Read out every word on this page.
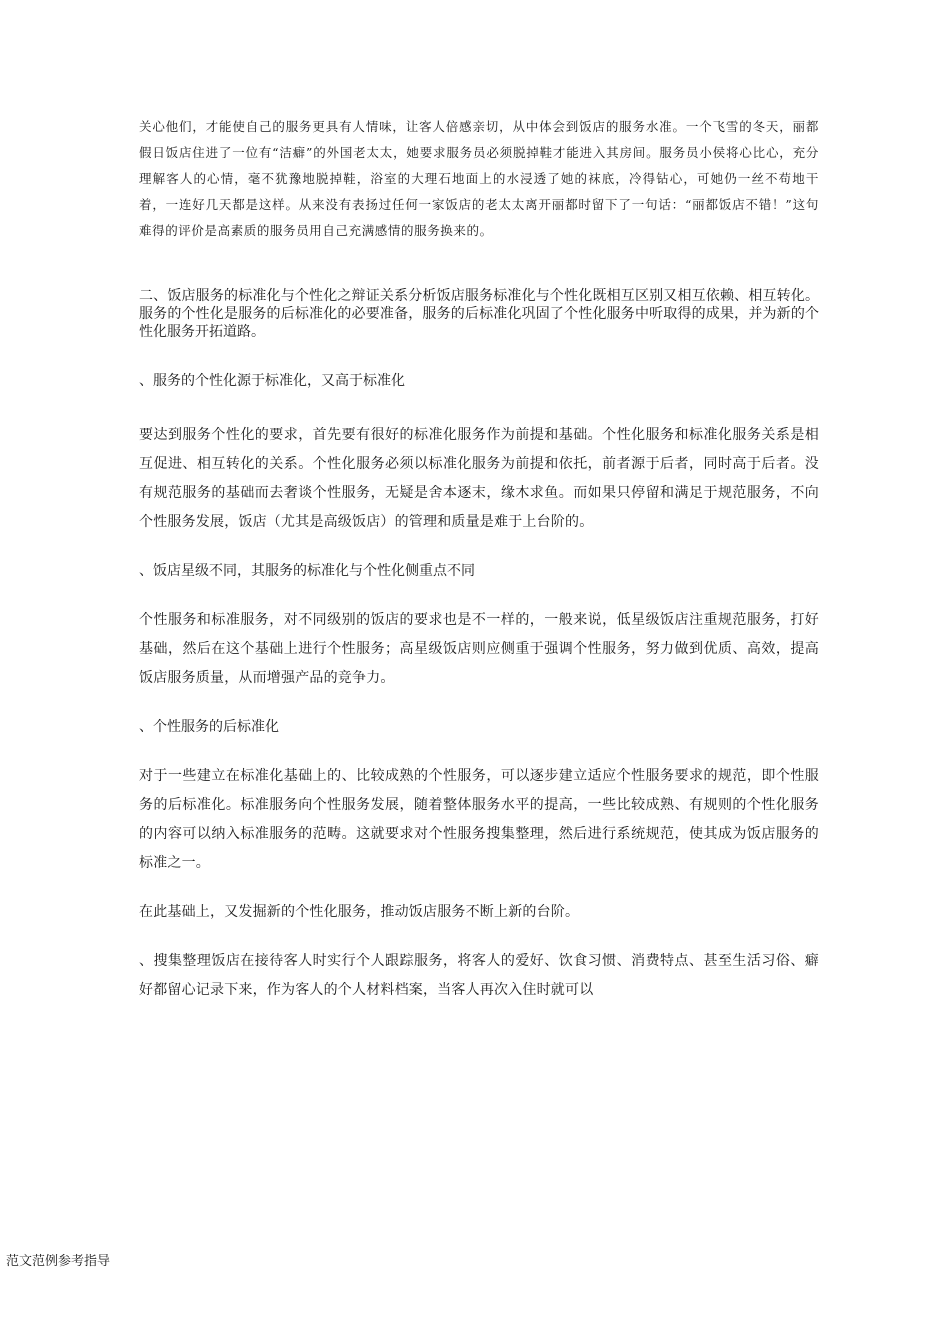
关心他们，才能使自己的服务更具有人情味，让客人倍感亲切，从中体会到饭店的服务水准。一个飞雪的冬天，丽都假日饭店住进了一位有“洁癖”的外国老太太，她要求服务员必须脱掉鞋才能进入其房间。服务员小侯将心比心，充分理解客人的心情，毫不犹豫地脱掉鞋，浴室的大理石地面上的水浸透了她的袜底，冷得钻心，可她仍一丝不苟地干着，一连好几天都是这样。从来没有表扬过任何一家饭店的老太太离开丽都时留下了一句话：“丽都饭店不错！”这句难得的评价是高素质的服务员用自己充满感情的服务换来的。

二、饭店服务的标准化与个性化之辩证关系分析饭店服务标准化与个性化既相互区别又相互依赖、相互转化。服务的个性化是服务的后标准化的必要准备，服务的后标准化巩固了个性化服务中听取得的成果，并为新的个性化服务开拓道路。

、服务的个性化源于标准化，又高于标准化

要达到服务个性化的要求，首先要有很好的标准化服务作为前提和基础。个性化服务和标准化服务关系是相互促进、相互转化的关系。个性化服务必须以标准化服务为前提和依托，前者源于后者，同时高于后者。没有规范服务的基础而去奢谈个性服务，无疑是舍本逐末，缘木求鱼。而如果只停留和满足于规范服务，不向个性服务发展，饭店（尤其是高级饭店）的管理和质量是难于上台阶的。

、饭店星级不同，其服务的标准化与个性化侧重点不同

个性服务和标准服务，对不同级别的饭店的要求也是不一样的，一般来说，低星级饭店注重规范服务，打好基础，然后在这个基础上进行个性服务；高星级饭店则应侧重于强调个性服务，努力做到优质、高效，提高饭店服务质量，从而增强产品的竞争力。

、个性服务的后标准化

对于一些建立在标准化基础上的、比较成熟的个性服务，可以逐步建立适应个性服务要求的规范，即个性服务的后标准化。标准服务向个性服务发展，随着整体服务水平的提高，一些比较成熟、有规则的个性化服务的内容可以纳入标准服务的范畴。这就要求对个性服务搜集整理，然后进行系统规范，使其成为饭店服务的标准之一。

在此基础上，又发掘新的个性化服务，推动饭店服务不断上新的台阶。

、搜集整理饭店在接待客人时实行个人跟踪服务，将客人的爱好、饮食习惯、消费特点、甚至生活习俗、癖好都留心记录下来，作为客人的个人材料档案，当客人再次入住时就可以

范文范例参考指导
